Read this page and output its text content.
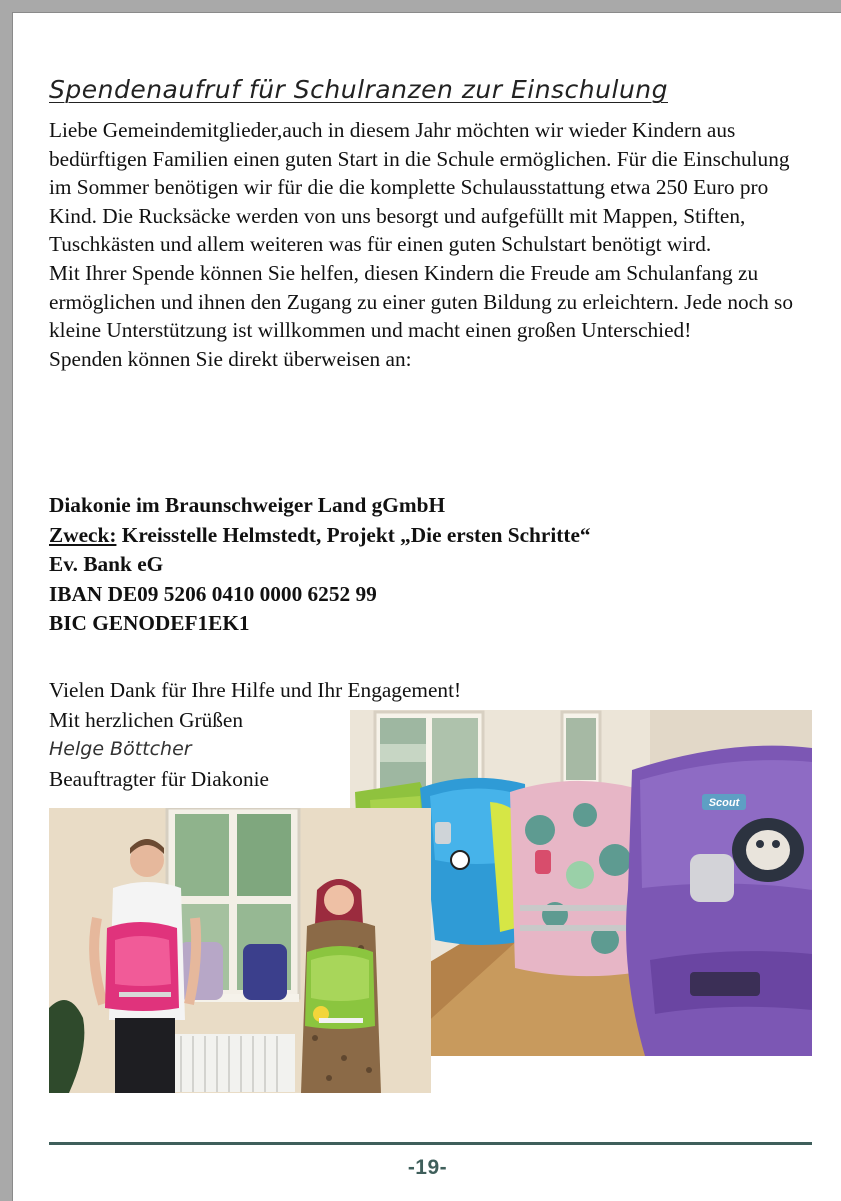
Spendenaufruf für Schulranzen zur Einschulung

Liebe Gemeindemitglieder,auch in diesem Jahr möchten wir wieder Kindern aus bedürftigen Familien einen guten Start in die Schule ermöglichen. Für die Einschulung im Sommer benötigen wir für die die komplette Schulausstattung etwa 250 Euro pro Kind. Die Rucksäcke werden von uns besorgt und aufgefüllt mit Mappen, Stiften, Tuschkästen und allem weiteren was für einen guten Schulstart benötigt wird.

Mit Ihrer Spende können Sie helfen, diesen Kindern die Freude am Schulanfang zu ermöglichen und ihnen den Zugang zu einer guten Bildung zu erleichtern. Jede noch so kleine Unterstützung ist willkommen und macht einen großen Unterschied!

Spenden können Sie direkt überweisen an:

Diakonie im Braunschweiger Land gGmbH
Zweck: Kreisstelle Helmstedt, Projekt „Die ersten Schritte“
Ev. Bank eG
IBAN DE09 5206 0410 0000 6252 99
BIC GENODEF1EK1
Vielen Dank für Ihre Hilfe und Ihr Engagement!
Mit herzlichen Grüßen
Helge Böttcher
Beauftragter für Diakonie
Scout
-19-
